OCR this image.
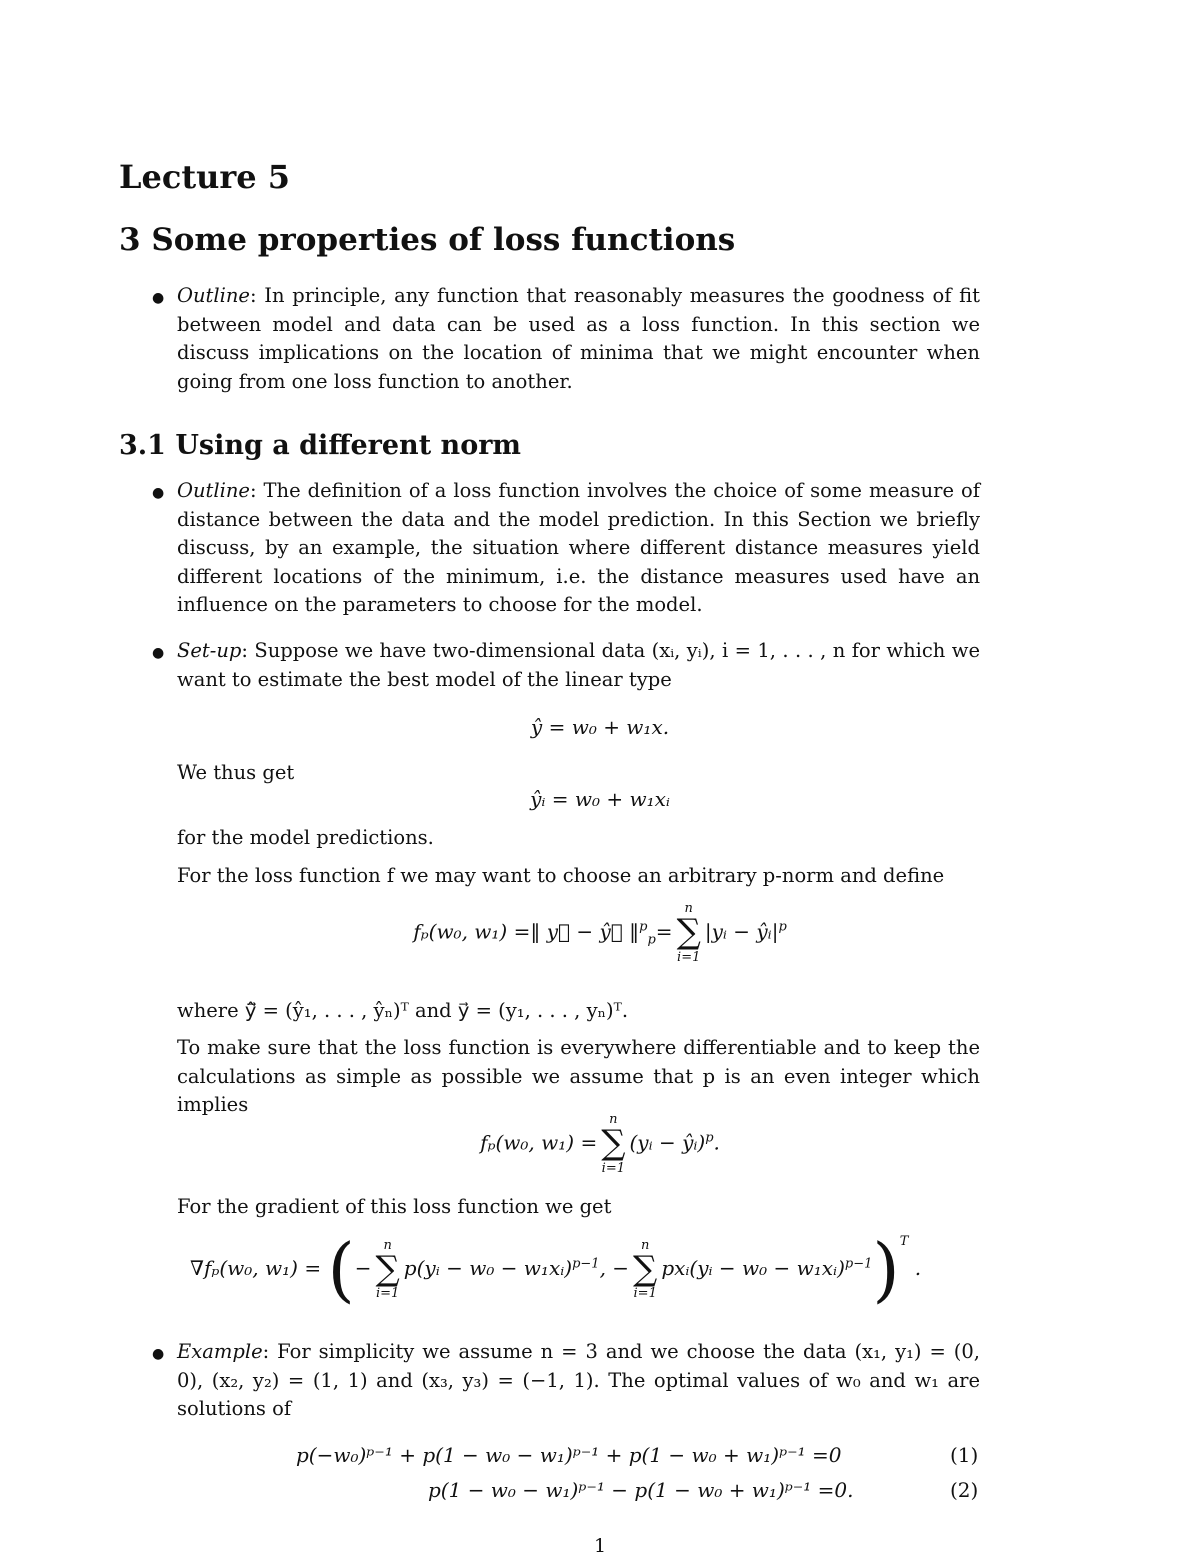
Lecture 5
3 Some properties of loss functions
● Outline: In principle, any function that reasonably measures the goodness of fit between model and data can be used as a loss function. In this section we discuss implications on the location of minima that we might encounter when going from one loss function to another.

3.1 Using a different norm
● Outline: The definition of a loss function involves the choice of some measure of distance between the data and the model prediction. In this Section we briefly discuss, by an example, the situation where different distance measures yield different locations of the minimum, i.e. the distance measures used have an influence on the parameters to choose for the model.

● Set-up: Suppose we have two-dimensional data (xᵢ, yᵢ), i = 1, . . . , n for which we want to estimate the best model of the linear type

ŷ = w₀ + w₁x.

We thus get

ŷᵢ = w₀ + w₁xᵢ

for the model predictions.

For the loss function f we may want to choose an arbitrary p-norm and define

fₚ(w₀, w₁) =‖ y⃗ − ŷ⃗ ‖$^p_p$=
n
∑
i=1
|yᵢ − $ŷᵢ|^p$

where ŷ⃗ = (ŷ₁, . . . , ŷₙ)ᵀ and y⃗ = (y₁, . . . , yₙ)ᵀ.

To make sure that the loss function is everywhere differentiable and to keep the calculations as simple as possible we assume that p is an even integer which implies

fₚ(w₀, w₁) =
n
∑
i=1
(yᵢ − ŷᵢ)$^p$.

For the gradient of this loss function we get

∇fₚ(w₀, w₁) = (−
n
∑
i=1
p(yᵢ − w₀ − w₁xᵢ)$^{p-1}$, −
n
∑
i=1
pxᵢ(yᵢ − w₀ − w₁xᵢ)$^{p-1}$)$^T$ .
● Example: For simplicity we assume n = 3 and we choose the data (x₁, y₁) = (0, 0), (x₂, y₂) = (1, 1) and (x₃, y₃) = (−1, 1). The optimal values of w₀ and w₁ are solutions of

p(−w₀)ᵖ⁻¹ + p(1 − w₀ − w₁)ᵖ⁻¹ + p(1 − w₀ + w₁)ᵖ⁻¹ =0	(1)
p(1 − w₀ − w₁)ᵖ⁻¹ − p(1 − w₀ + w₁)ᵖ⁻¹ =0.	(2)
1
